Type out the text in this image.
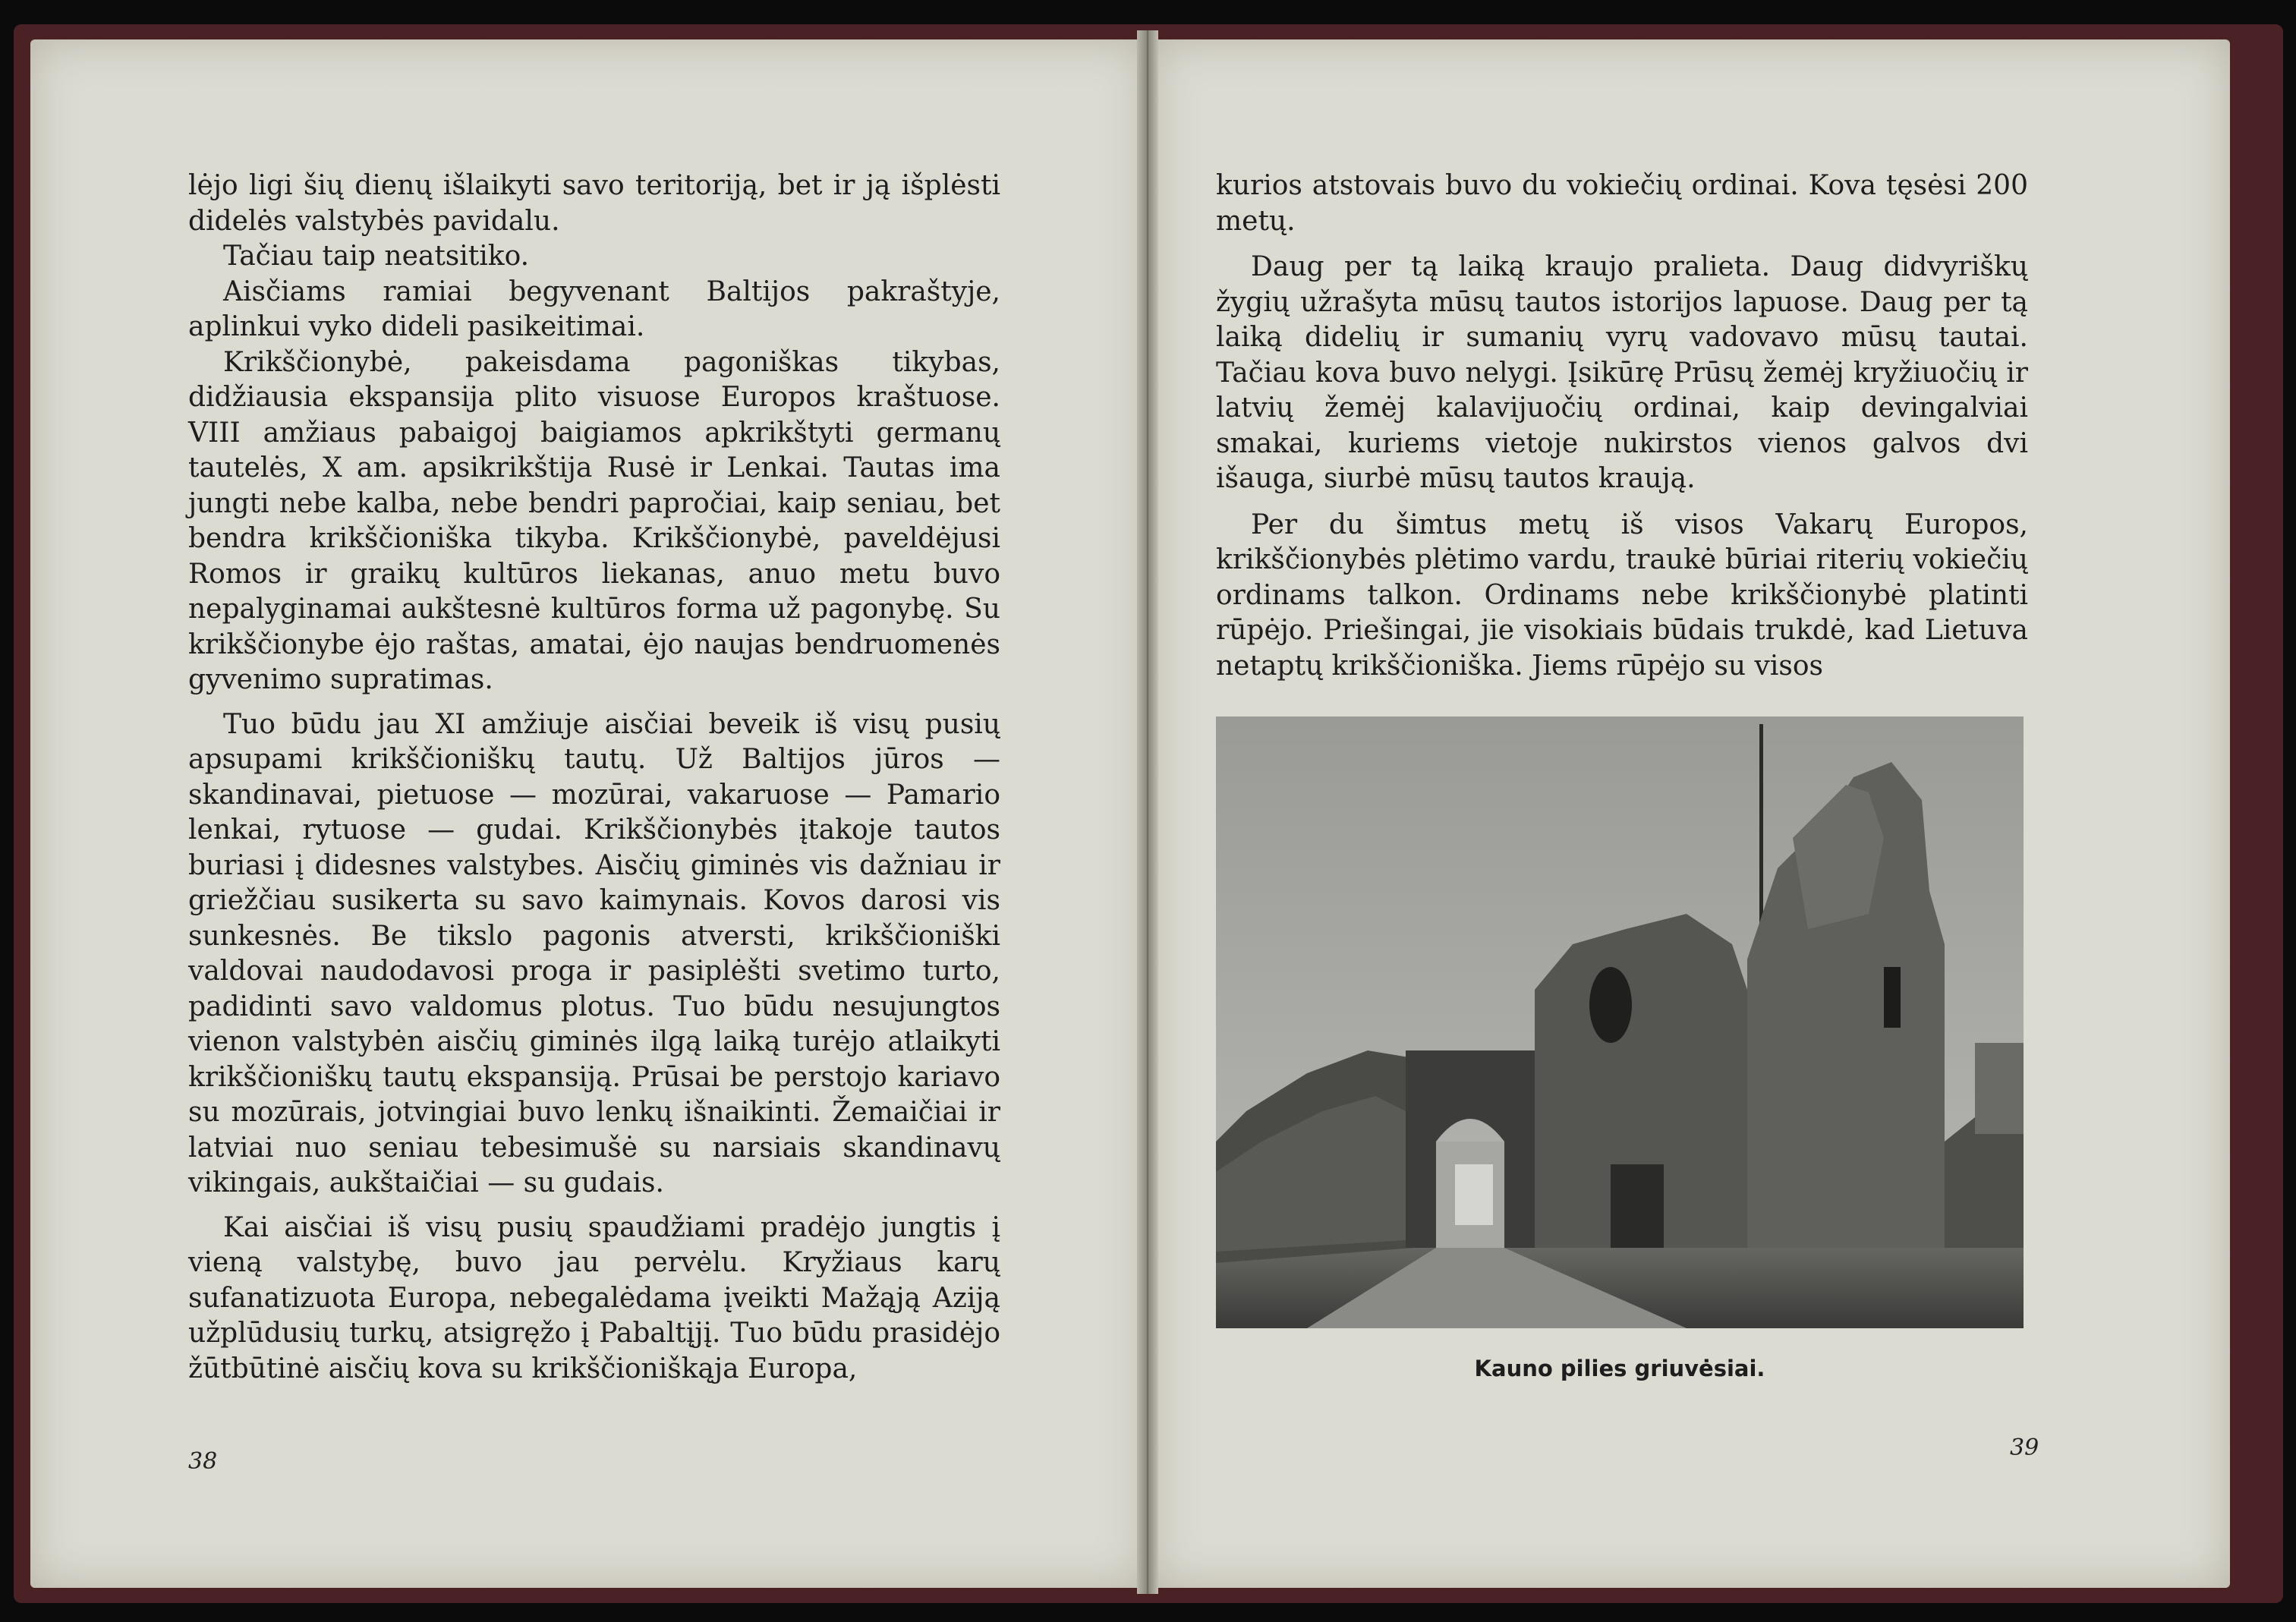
lėjo ligi šių dienų išlaikyti savo teritoriją, bet ir ją išplėsti didelės valstybės pavidalu.

Tačiau taip neatsitiko.

Aisčiams ramiai begyvenant Baltijos pakraštyje, aplinkui vyko dideli pasikeitimai.

Krikščionybė, pakeisdama pagoniškas tikybas, didžiausia ekspansija plito visuose Europos kraštuose. VIII amžiaus pabaigoj baigiamos apkrikštyti germanų tautelės, X am. apsikrikštija Rusė ir Lenkai. Tautas ima jungti nebe kalba, nebe bendri papročiai, kaip seniau, bet bendra krikščioniška tikyba. Krikščionybė, paveldėjusi Romos ir graikų kultūros liekanas, anuo metu buvo nepalyginamai aukštesnė kultūros forma už pagonybę. Su krikščionybe ėjo raštas, amatai, ėjo naujas bendruomenės gyvenimo supratimas.

Tuo būdu jau XI amžiuje aisčiai beveik iš visų pusių apsupami krikščioniškų tautų. Už Baltijos jūros — skandinavai, pietuose — mozūrai, vakaruose — Pamario lenkai, rytuose — gudai. Krikščionybės įtakoje tautos buriasi į didesnes valstybes. Aisčių giminės vis dažniau ir griežčiau susikerta su savo kaimynais. Kovos darosi vis sunkesnės. Be tikslo pagonis atversti, krikščioniški valdovai naudodavosi proga ir pasiplėšti svetimo turto, padidinti savo valdomus plotus. Tuo būdu nesujungtos vienon valstybėn aisčių giminės ilgą laiką turėjo atlaikyti krikščioniškų tautų ekspansiją. Prūsai be perstojo kariavo su mozūrais, jotvingiai buvo lenkų išnaikinti. Žemaičiai ir latviai nuo seniau tebesimušė su narsiais skandinavų vikingais, aukštaičiai — su gudais.

Kai aisčiai iš visų pusių spaudžiami pradėjo jungtis į vieną valstybę, buvo jau pervėlu. Kryžiaus karų sufanatizuota Europa, nebegalėdama įveikti Mažąją Aziją užplūdusių turkų, atsigręžo į Pabaltįjį. Tuo būdu prasidėjo žūtbūtinė aisčių kova su krikščioniškąja Europa,

38

kurios atstovais buvo du vokiečių ordinai. Kova tęsėsi 200 metų.

Daug per tą laiką kraujo pralieta. Daug didvyriškų žygių užrašyta mūsų tautos istorijos lapuose. Daug per tą laiką didelių ir sumanių vyrų vadovavo mūsų tautai. Tačiau kova buvo nelygi. Įsikūrę Prūsų žemėj kryžiuočių ir latvių žemėj kalavijuočių ordinai, kaip devingalviai smakai, kuriems vietoje nukirstos vienos galvos dvi išauga, siurbė mūsų tautos kraują.

Per du šimtus metų iš visos Vakarų Europos, krikščionybės plėtimo vardu, traukė būriai riterių vokiečių ordinams talkon. Ordinams nebe krikščionybė platinti rūpėjo. Priešingai, jie visokiais būdais trukdė, kad Lietuva netaptų krikščioniška. Jiems rūpėjo su visos

Kauno pilies griuvėsiai.
39
